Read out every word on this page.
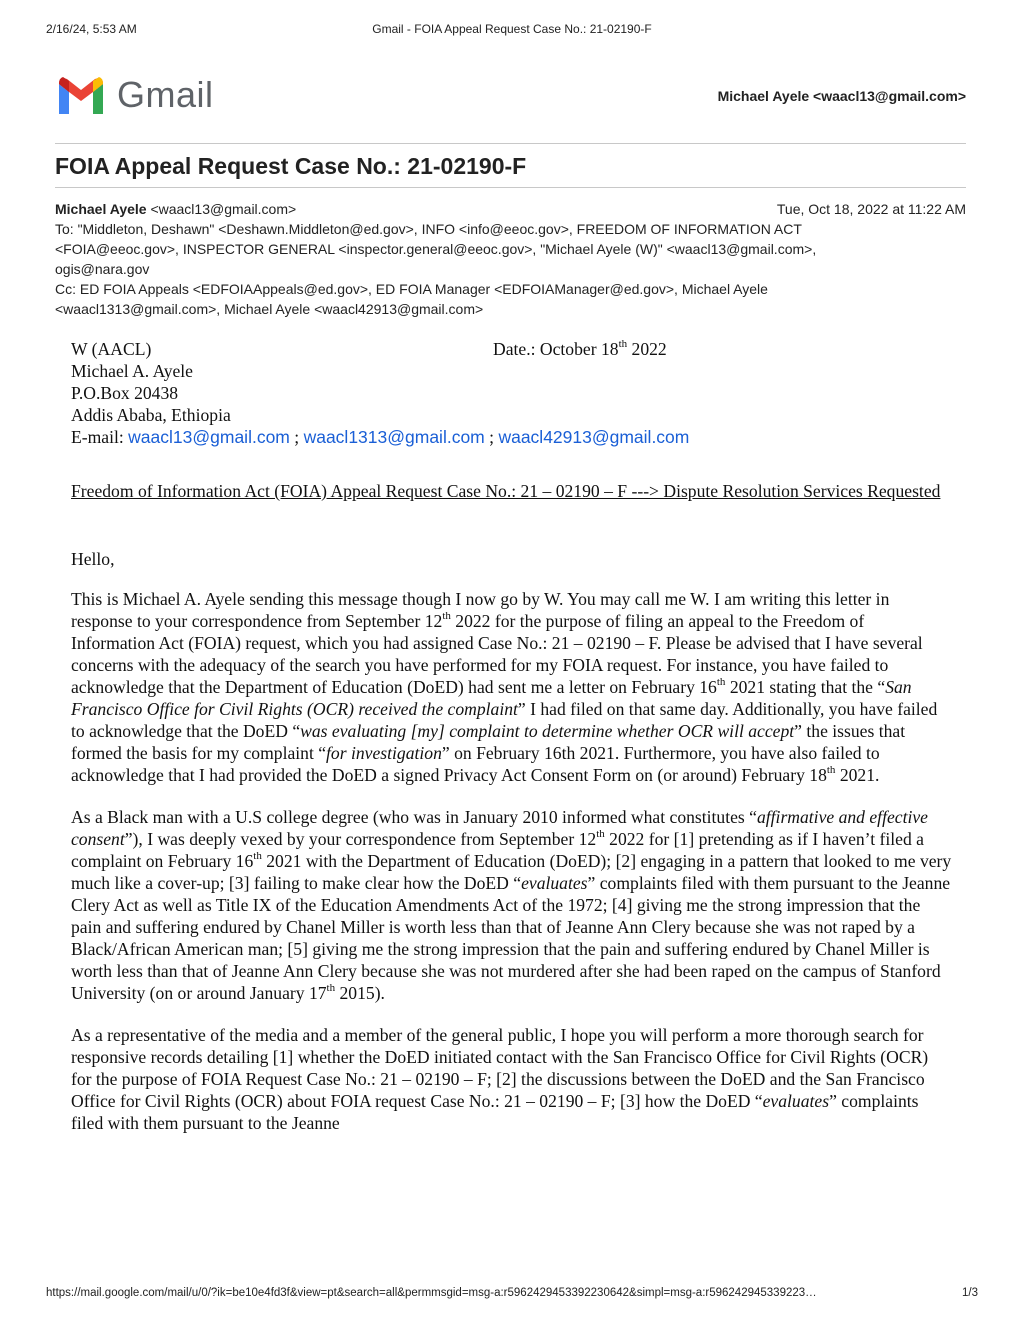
2/16/24, 5:53 AM	Gmail - FOIA Appeal Request Case No.: 21-02190-F
Gmail	Michael Ayele <waacl13@gmail.com>
FOIA Appeal Request Case No.: 21-02190-F

Michael Ayele <waacl13@gmail.com>	Tue, Oct 18, 2022 at 11:22 AM

To: "Middleton, Deshawn" <Deshawn.Middleton@ed.gov>, INFO <info@eeoc.gov>, FREEDOM OF INFORMATION ACT

<FOIA@eeoc.gov>, INSPECTOR GENERAL <inspector.general@eeoc.gov>, "Michael Ayele (W)" <waacl13@gmail.com>,

ogis@nara.gov

Cc: ED FOIA Appeals <EDFOIAAppeals@ed.gov>, ED FOIA Manager <EDFOIAManager@ed.gov>, Michael Ayele

<waacl1313@gmail.com>, Michael Ayele <waacl42913@gmail.com>

W (AACL)	Date.: October 18th 2022

Michael A. Ayele

P.O.Box 20438

Addis Ababa, Ethiopia

E-mail: waacl13@gmail.com ; waacl1313@gmail.com ; waacl42913@gmail.com

Freedom of Information Act (FOIA) Appeal Request Case No.: 21 – 02190 – F ---> Dispute Resolution Services Requested

Hello,

This is Michael A. Ayele sending this message though I now go by W. You may call me W. I am writing this letter in response to your correspondence from September 12th 2022 for the purpose of filing an appeal to the Freedom of Information Act (FOIA) request, which you had assigned Case No.: 21 – 02190 – F. Please be advised that I have several concerns with the adequacy of the search you have performed for my FOIA request. For instance, you have failed to acknowledge that the Department of Education (DoED) had sent me a letter on February 16th 2021 stating that the “San Francisco Office for Civil Rights (OCR) received the complaint” I had filed on that same day. Additionally, you have failed to acknowledge that the DoED “was evaluating [my] complaint to determine whether OCR will accept” the issues that formed the basis for my complaint “for investigation” on February 16th 2021. Furthermore, you have also failed to acknowledge that I had provided the DoED a signed Privacy Act Consent Form on (or around) February 18th 2021.

As a Black man with a U.S college degree (who was in January 2010 informed what constitutes “affirmative and effective consent”), I was deeply vexed by your correspondence from September 12th 2022 for [1] pretending as if I haven’t filed a complaint on February 16th 2021 with the Department of Education (DoED); [2] engaging in a pattern that looked to me very much like a cover-up; [3] failing to make clear how the DoED “evaluates” complaints filed with them pursuant to the Jeanne Clery Act as well as Title IX of the Education Amendments Act of the 1972; [4] giving me the strong impression that the pain and suffering endured by Chanel Miller is worth less than that of Jeanne Ann Clery because she was not raped by a Black/African American man; [5] giving me the strong impression that the pain and suffering endured by Chanel Miller is worth less than that of Jeanne Ann Clery because she was not murdered after she had been raped on the campus of Stanford University (on or around January 17th 2015).

As a representative of the media and a member of the general public, I hope you will perform a more thorough search for responsive records detailing [1] whether the DoED initiated contact with the San Francisco Office for Civil Rights (OCR) for the purpose of FOIA Request Case No.: 21 – 02190 – F; [2] the discussions between the DoED and the San Francisco Office for Civil Rights (OCR) about FOIA request Case No.: 21 – 02190 – F; [3] how the DoED “evaluates” complaints filed with them pursuant to the Jeanne

https://mail.google.com/mail/u/0/?ik=be10e4fd3f&view=pt&search=all&permmsgid=msg-a:r5962429453392230642&simpl=msg-a:r596242945339223…	1/3
